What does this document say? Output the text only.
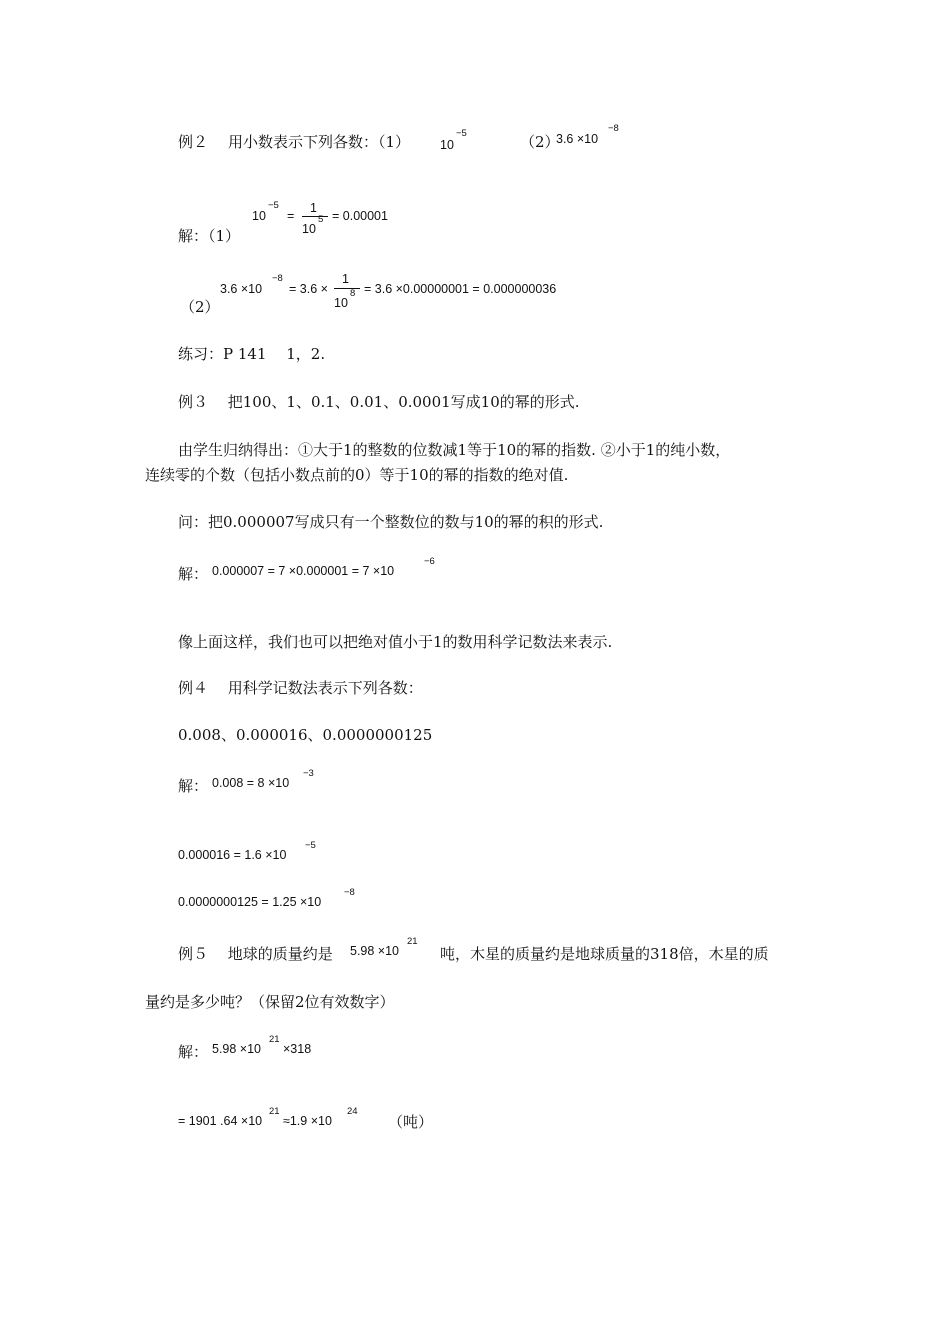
例２ 用小数表示下列各数：（1） 10
−5	（2）
3.6 ×10
−8
解：（1）
10
−5
=
1
10
5 = 0.00001
（2）
3.6 ×10
−8
= 3.6 ×
1
10
8 = 3.6 ×0.00000001 = 0.000000036
练习：P 141　 1，2.
例３　 把100、1、0.1、0.01、0.0001写成10的幂的形式.
由学生归纳得出：①大于1的整数的位数减1等于10的幂的指数. ②小于1的纯小数，
连续零的个数（包括小数点前的0）等于10的幂的指数的绝对值.
问：把0.000007写成只有一个整数位的数与10的幂的积的形式.
解： 0.000007 = 7 ×0.000001 = 7 ×10
−6
像上面这样，我们也可以把绝对值小于1的数用科学记数法来表示.
例４　 用科学记数法表示下列各数：
0.008、0.000016、0.0000000125
解： 0.008 = 8 ×10
−3
0.000016 = 1.6 ×10
−5
0.0000000125 = 1.25 ×10
−8
例５　 地球的质量约是 5.98 ×10
21
吨，木星的质量约是地球质量的318倍，木星的质
量约是多少吨？（保留2位有效数字）
解： 5.98 ×10
21
×318
= 1901 .64 ×10
21
≈1.9 ×10
24
（吨）
